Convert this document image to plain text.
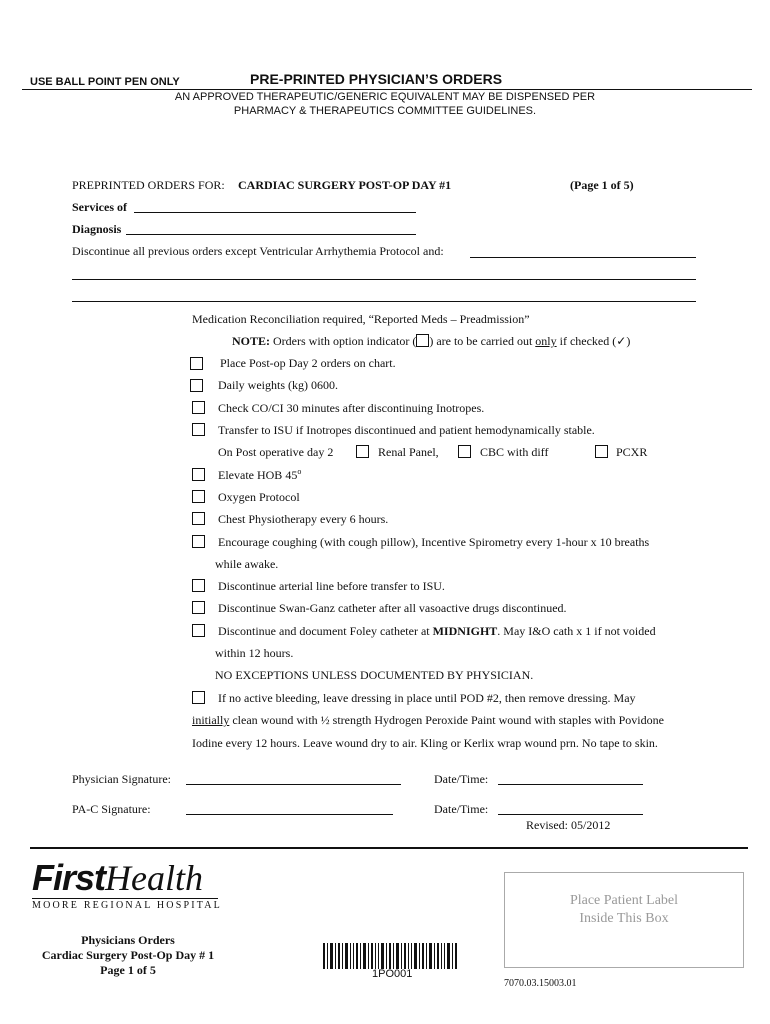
USE BALL POINT PEN ONLY	PRE-PRINTED PHYSICIAN’S ORDERS
AN APPROVED THERAPEUTIC/GENERIC EQUIVALENT MAY BE DISPENSED PER
PHARMACY & THERAPEUTICS COMMITTEE GUIDELINES.
PREPRINTED ORDERS FOR: CARDIAC SURGERY POST-OP DAY #1	(Page 1 of 5)
Services of
Diagnosis
Discontinue all previous orders except Ventricular Arrhythemia Protocol and:
Medication Reconciliation required, “Reported Meds – Preadmission”
NOTE: Orders with option indicator ( ) are to be carried out only if checked (✓)
Place Post-op Day 2 orders on chart.
Daily weights (kg) 0600.
Check CO/CI 30 minutes after discontinuing Inotropes.
Transfer to ISU if Inotropes discontinued and patient hemodynamically stable.
On Post operative day 2	Renal Panel,	CBC with diff	PCXR
Elevate HOB 45$^o$
Oxygen Protocol
Chest Physiotherapy every 6 hours.
Encourage coughing (with cough pillow), Incentive Spirometry every 1-hour x 10 breaths
while awake.
Discontinue arterial line before transfer to ISU.
Discontinue Swan-Ganz catheter after all vasoactive drugs discontinued.
Discontinue and document Foley catheter at MIDNIGHT. May I&O cath x 1 if not voided
within 12 hours.
NO EXCEPTIONS UNLESS DOCUMENTED BY PHYSICIAN.
If no active bleeding, leave dressing in place until POD #2, then remove dressing. May
initially clean wound with ½ strength Hydrogen Peroxide Paint wound with staples with Povidone
Iodine every 12 hours. Leave wound dry to air. Kling or Kerlix wrap wound prn. No tape to skin.
Physician Signature:	Date/Time:
PA-C Signature:	Date/Time:
Revised: 05/2012
FirstHealth
MOORE REGIONAL HOSPITAL
Physicians Orders
Cardiac Surgery Post-Op Day # 1
Page 1 of 5	1PO001
Place Patient Label
Inside This Box
7070.03.15003.01
